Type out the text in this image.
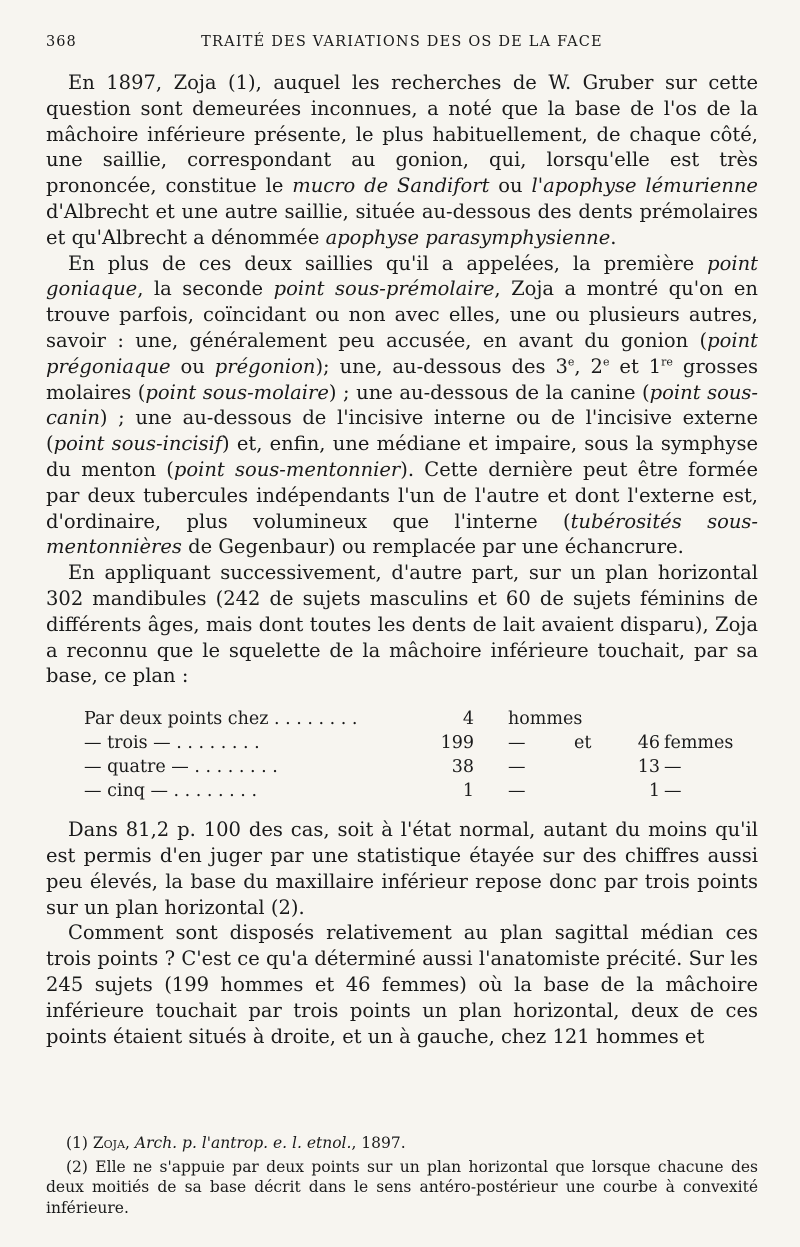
368	TRAITÉ DES VARIATIONS DES OS DE LA FACE

En 1897, Zoja (1), auquel les recherches de W. Gruber sur cette question sont demeurées inconnues, a noté que la base de l'os de la mâchoire inférieure présente, le plus habituellement, de chaque côté, une saillie, correspondant au gonion, qui, lorsqu'elle est très prononcée, constitue le mucro de Sandifort ou l'apophyse lémurienne d'Albrecht et une autre saillie, située au-dessous des dents prémolaires et qu'Albrecht a dénommée apophyse parasymphysienne.

En plus de ces deux saillies qu'il a appelées, la première point goniaque, la seconde point sous-prémolaire, Zoja a montré qu'on en trouve parfois, coïncidant ou non avec elles, une ou plusieurs autres, savoir : une, généralement peu accusée, en avant du gonion (point prégoniaque ou prégonion); une, au-dessous des 3e, 2e et 1re grosses molaires (point sous-molaire) ; une au-dessous de la canine (point sous-canin) ; une au-dessous de l'incisive interne ou de l'incisive externe (point sous-incisif) et, enfin, une médiane et impaire, sous la symphyse du menton (point sous-mentonnier). Cette dernière peut être formée par deux tubercules indépendants l'un de l'autre et dont l'externe est, d'ordinaire, plus volumineux que l'interne (tubérosités sous-mentonnières de Gegenbaur) ou remplacée par une échancrure.

En appliquant successivement, d'autre part, sur un plan horizontal 302 mandibules (242 de sujets masculins et 60 de sujets féminins de différents âges, mais dont toutes les dents de lait avaient disparu), Zoja a reconnu que le squelette de la mâchoire inférieure touchait, par sa base, ce plan :

Par deux points chez . . . . . . . .	4 hommes
— trois — . . . . . . . .	199 —	et	46 femmes
— quatre — . . . . . . . .	38 —	13 —
— cinq — . . . . . . . .	1 —	1 —

Dans 81,2 p. 100 des cas, soit à l'état normal, autant du moins qu'il est permis d'en juger par une statistique étayée sur des chiffres aussi peu élevés, la base du maxillaire inférieur repose donc par trois points sur un plan horizontal (2).

Comment sont disposés relativement au plan sagittal médian ces trois points ? C'est ce qu'a déterminé aussi l'anatomiste précité. Sur les 245 sujets (199 hommes et 46 femmes) où la base de la mâchoire inférieure touchait par trois points un plan horizontal, deux de ces points étaient situés à droite, et un à gauche, chez 121 hommes et

(1) Zoja, Arch. p. l'antrop. e. l. etnol., 1897.

(2) Elle ne s'appuie par deux points sur un plan horizontal que lorsque chacune des deux moitiés de sa base décrit dans le sens antéro-postérieur une courbe à convexité inférieure.
